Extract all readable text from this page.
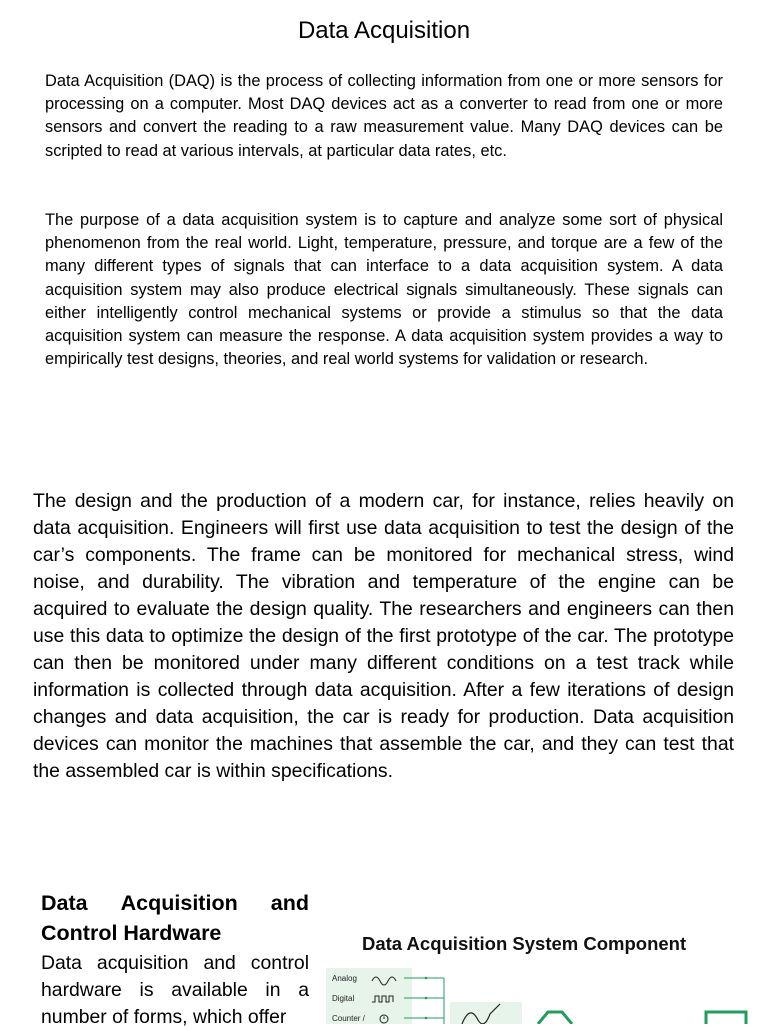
Data Acquisition

Data Acquisition (DAQ) is the process of collecting information from one or more sensors for processing on a computer. Most DAQ devices act as a converter to read from one or more sensors and convert the reading to a raw measurement value. Many DAQ devices can be scripted to read at various intervals, at particular data rates, etc.

The purpose of a data acquisition system is to capture and analyze some sort of physical phenomenon from the real world. Light, temperature, pressure, and torque are a few of the many different types of signals that can interface to a data acquisition system. A data acquisition system may also produce electrical signals simultaneously. These signals can either intelligently control mechanical systems or provide a stimulus so that the data acquisition system can measure the response. A data acquisition system provides a way to empirically test designs, theories, and real world systems for validation or research.

The design and the production of a modern car, for instance, relies heavily on data acquisition. Engineers will first use data acquisition to test the design of the car’s components. The frame can be monitored for mechanical stress, wind noise, and durability. The vibration and temperature of the engine can be acquired to evaluate the design quality. The researchers and engineers can then use this data to optimize the design of the first prototype of the car. The prototype can then be monitored under many different conditions on a test track while information is collected through data acquisition. After a few iterations of design changes and data acquisition, the car is ready for production. Data acquisition devices can monitor the machines that assemble the car, and they can test that the assembled car is within specifications.

Data Acquisition and
Control Hardware
Data acquisition and control hardware is available in a number of forms, which offer
Data Acquisition System Component
Analog
Digital
Counter /
